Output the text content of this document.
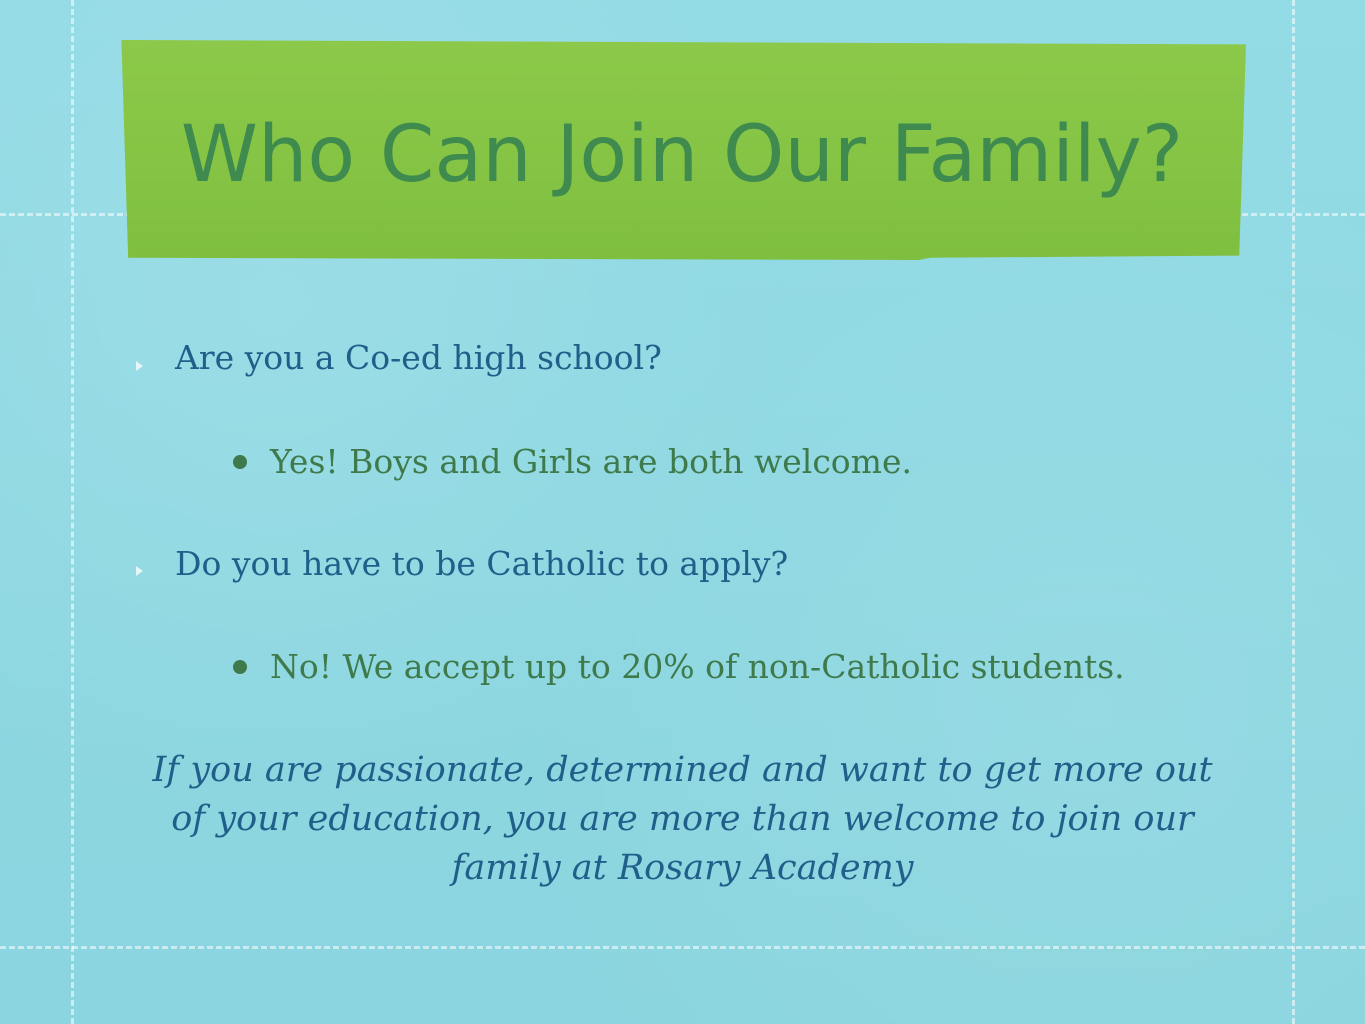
Who Can Join Our Family?
Are you a Co-ed high school?
Yes! Boys and Girls are both welcome.
Do you have to be Catholic to apply?
No! We accept up to 20% of non-Catholic students.
If you are passionate, determined and want to get more out of your education, you are more than welcome to join our family at Rosary Academy
